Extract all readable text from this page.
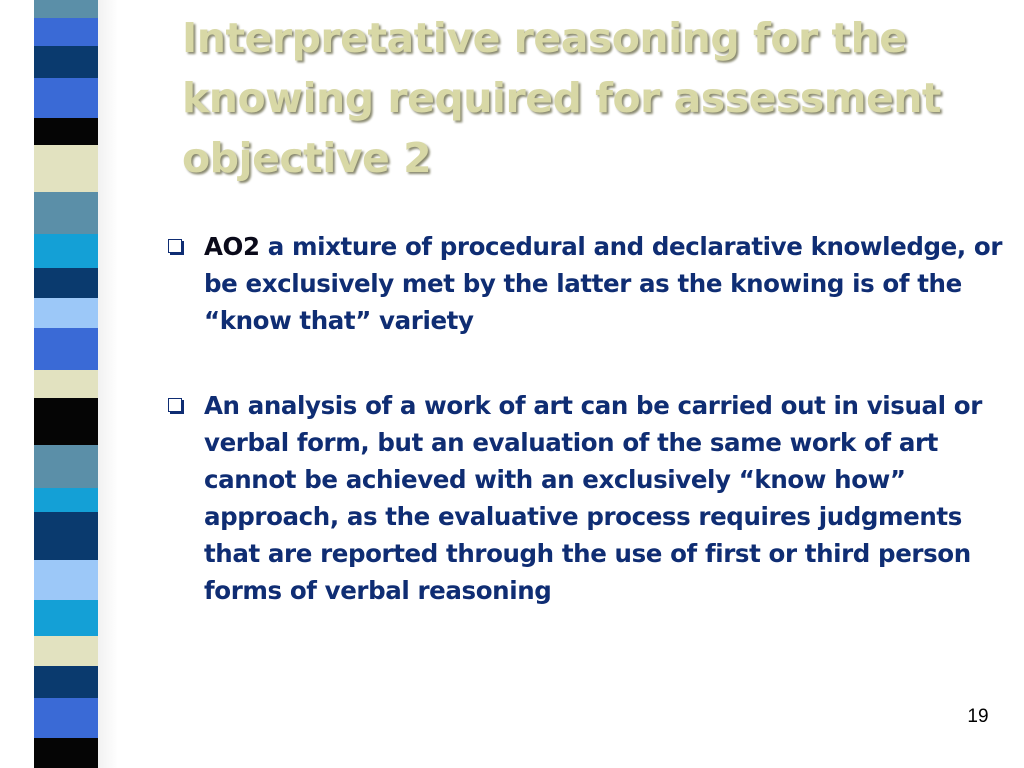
Interpretative reasoning for the knowing required for assessment objective 2
AO2 a mixture of procedural and declarative knowledge, or be exclusively met by the latter as the knowing is of the “know that” variety
An analysis of a work of art can be carried out in visual or verbal form, but an evaluation of the same work of art cannot be achieved with an exclusively “know how” approach, as the evaluative process requires judgments that are reported through the use of first or third person forms of verbal reasoning
19
